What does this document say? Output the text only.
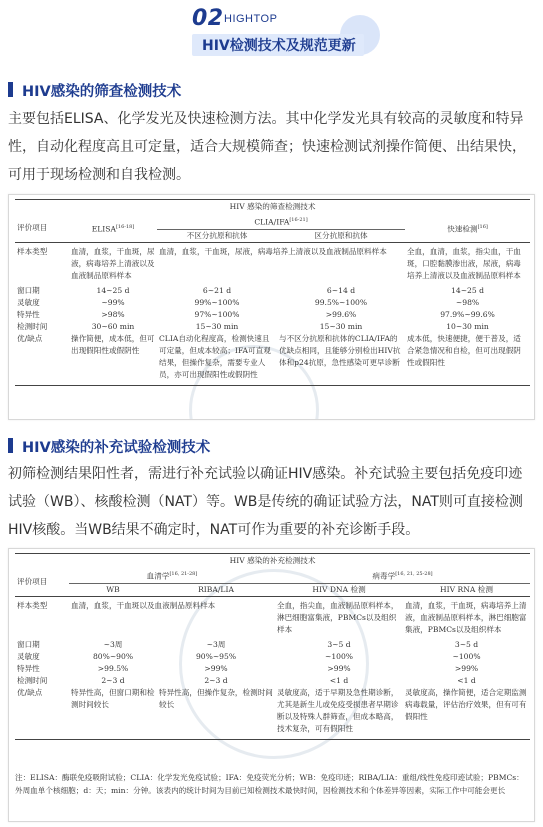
02 HIGHTOP
HIV检测技术及规范更新
HIV感染的筛查检测技术

主要包括ELISA、化学发光及快速检测方法。其中化学发光具有较高的灵敏度和特异性，自动化程度高且可定量，适合大规模筛查；快速检测试剂操作简便、出结果快，可用于现场检测和自我检测。

HIV 感染的筛查检测技术				
评价项目	ELISA[16-18]	CLIA/IFA[16-21]		快速检测[16]
		不区分抗原和抗体	区分抗原和抗体	
样本类型	血清，血浆，干血斑，尿液，病毒培养上清液以及血液制品原料样本	血清，血浆，干血斑，尿液，病毒培养上清液以及血液制品原料样本		全血，血清，血浆，指尖血，干血斑，口腔黏膜渗出液，尿液，病毒培养上清液以及血液制品原料样本
窗口期	14~25 d	6~21 d	6~14 d	14~25 d
灵敏度	~99%	99%~100%	99.5%~100%	~98%
特异性	>98%	97%~100%	>99.6%	97.9%~99.6%
检测时间	30~60 min	15~30 min	15~30 min	10~30 min
优/缺点	操作简便，成本低，但可出现假阳性或假阴性	CLIA自动化程度高，检测快速且可定量，但成本较高；IFA可直观结果，但操作复杂，需要专业人员，亦可出现假阳性或假阴性	与不区分抗原和抗体的CLIA/IFA的优缺点相同，且能够分别检出HIV抗体和p24抗原，急性感染可更早诊断	成本低，快速便捷，便于普及，适合紧急情况和自检，但可出现假阴性或假阳性
HIV感染的补充试验检测技术

初筛检测结果阳性者，需进行补充试验以确证HIV感染。补充试验主要包括免疫印迹试验（WB）、核酸检测（NAT）等。WB是传统的确证试验方法，NAT则可直接检测HIV核酸。当WB结果不确定时，NAT可作为重要的补充诊断手段。

HIV 感染的补充检测技术				
评价项目	血清学[16, 21-28]		病毒学[16, 21, 25-28]
	WB	RIBA/LIA	HIV DNA 检测	HIV RNA 检测
样本类型	血清，血浆，干血斑以及血液制品原料样本		全血，指尖血，血液制品原料样本，淋巴细胞富集液，PBMCs以及组织样本	血清，血浆，干血斑，病毒培养上清液，血液制品原料样本，淋巴细胞富集液，PBMCs以及组织样本
窗口期	~3周	~3周	3~5 d	3~5 d
灵敏度	80%~90%	90%~95%	~100%	~100%
特异性	>99.5%	>99%	>99%	>99%
检测时间	2~3 d	2~3 d	<1 d	<1 d
优/缺点	特异性高，但窗口期和检测时间较长	特异性高，但操作复杂，检测时间较长	灵敏度高，适于早期及急性期诊断，尤其是新生儿或免疫受损患者早期诊断以及特殊人群筛查，但成本略高，技术复杂，可有假阳性	灵敏度高，操作简便，适合定期监测病毒载量，评估治疗效果，但有可有假阳性

注：ELISA：酶联免疫吸附试验；CLIA：化学发光免疫试验；IFA：免疫荧光分析；WB：免疫印迹；RIBA/LIA：重组/线性免疫印迹试验；PBMCs：外周血单个核细胞；d：天；min：分钟。该表内的统计时间为目前已知检测技术最快时间，因检测技术和个体差异等因素，实际工作中可能会更长
